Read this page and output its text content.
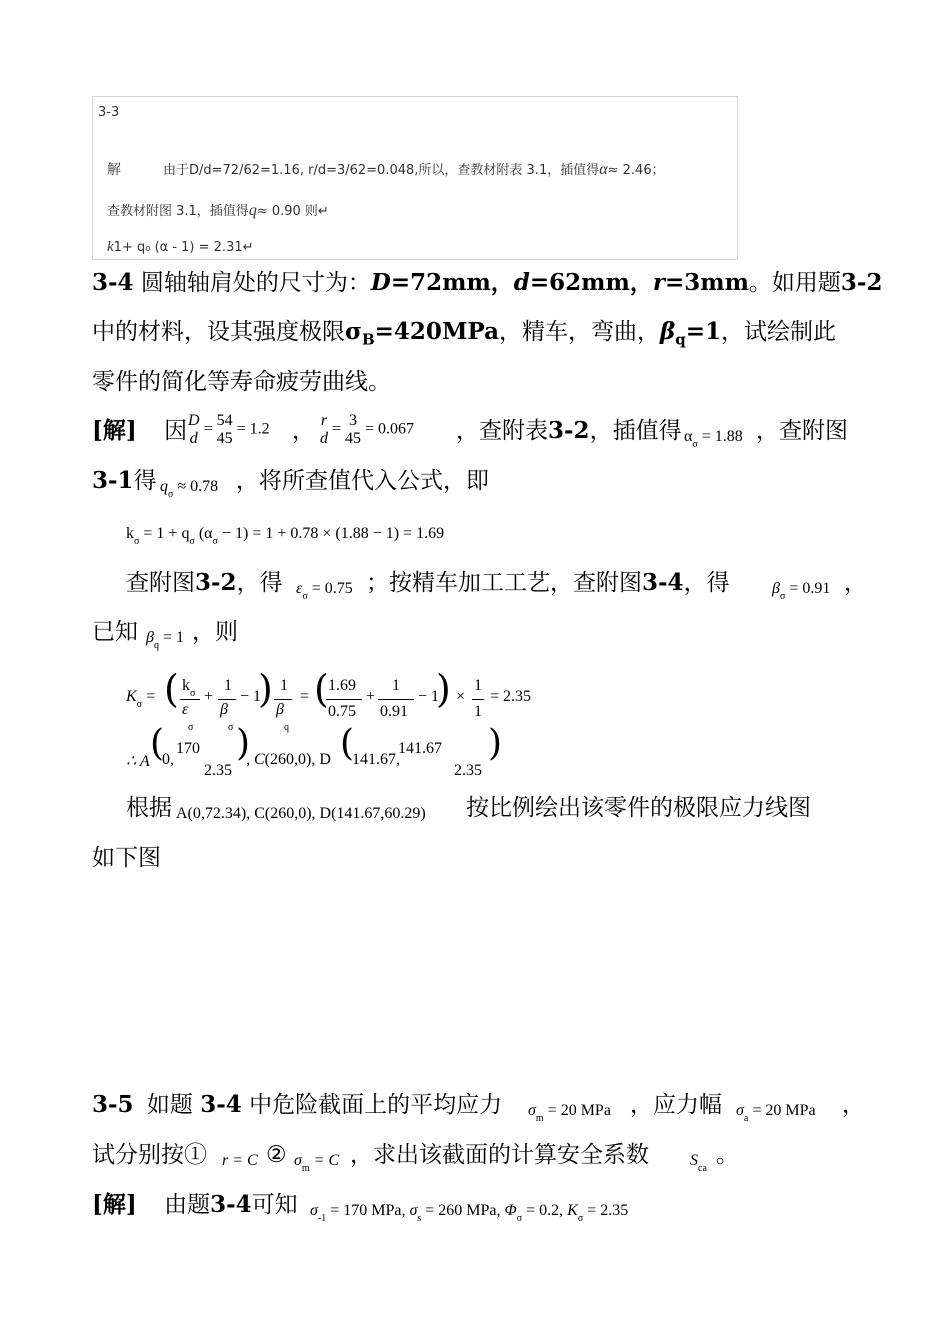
3-3
解	由于D/d=72/62=1.16, r/d=3/62=0.048,所以，查教材附表 3.1，插值得α≈ 2.46；
查教材附图 3.1，插值得q≈ 0.90 则↵
k1+ q₀ (α - 1) = 2.31↵
3-4 圆轴轴肩处的尺寸为：D=72mm，d=62mm，r=3mm。如用题3-2
中的材料，设其强度极限$\sigma_B=420MPa$，精车，弯曲，$\beta_q=1$，试绘制此
零件的简化等寿命疲劳曲线。
[解] 因 D
d
=
54
45
= 1.2 ， r
d
=
3
45
= 0.067 ，查附表3-2，插值得 $\alpha_\sigma = 1.88$ ，查附图
3-1得 $q_\sigma \approx 0.78$ ，将所查值代入公式，即
$k_\sigma = 1 + q_\sigma$ $(\alpha_\sigma - 1) = 1 + 0.78 \times (1.88 - 1) = 1.69$
查附图3-2，得 $\varepsilon_\sigma = 0.75$ ；按精车加工工艺，查附图3-4，得	$\beta_\sigma = 0.91$ ，
已知 $\beta_q = 1$ ，则
$K_\sigma$ = ( $k_\sigma$
ε
σ
+
1
β
σ
− 1
) 1
β
q
= ( 1.69
0.75
+
1
0.91
− 1
) ×
1
1
= 2.35
∴ A (
0,
170
2.35
)
, C(260,0), D (
141.67,
141.67
2.35
)
根据 A(0,72.34), C(260,0), D(141.67,60.29) 按比例绘出该零件的极限应力线图
如下图
3-5 如题 3-4 中危险截面上的平均应力 $\sigma_m = 20$ MPa ，应力幅 $\sigma_a = 20$ MPa ，
试分别按① r = C ② $\sigma_m = C$ ，求出该截面的计算安全系数	$S_{ca}$
。
[解] 由题3-4可知 $\sigma_{-1} = 170$ MPa, $\sigma_s = 260$ MPa, $\Phi_\sigma = 0.2$, $K_\sigma = 2.35$
